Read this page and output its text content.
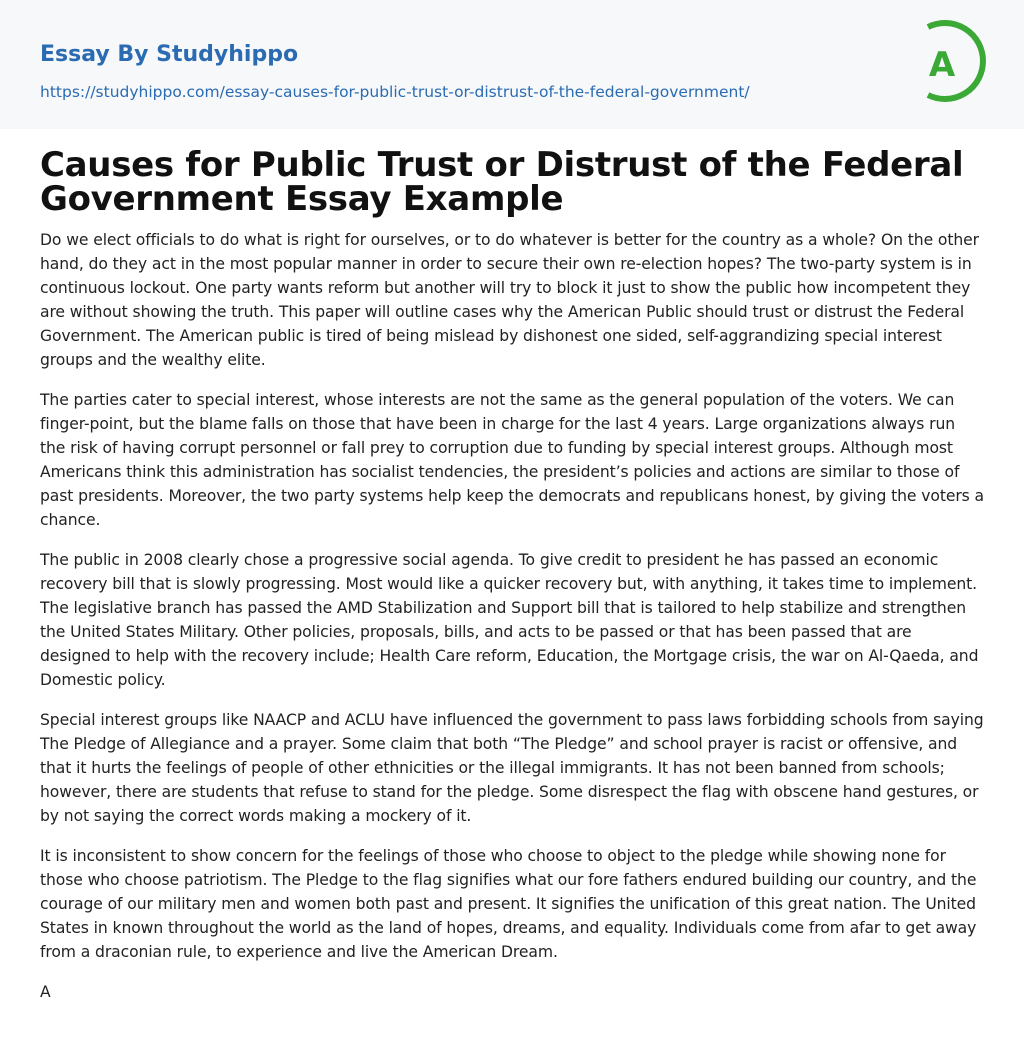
Essay By Studyhippo
https://studyhippo.com/essay-causes-for-public-trust-or-distrust-of-the-federal-government/
A
Causes for Public Trust or Distrust of the Federal Government Essay Example

Do we elect officials to do what is right for ourselves, or to do whatever is better for the country as a whole? On the other hand, do they act in the most popular manner in order to secure their own re-election hopes? The two-party system is in continuous lockout. One party wants reform but another will try to block it just to show the public how incompetent they are without showing the truth. This paper will outline cases why the American Public should trust or distrust the Federal Government. The American public is tired of being mislead by dishonest one sided, self-aggrandizing special interest groups and the wealthy elite.

The parties cater to special interest, whose interests are not the same as the general population of the voters. We can finger-point, but the blame falls on those that have been in charge for the last 4 years. Large organizations always run the risk of having corrupt personnel or fall prey to corruption due to funding by special interest groups. Although most Americans think this administration has socialist tendencies, the president’s policies and actions are similar to those of past presidents. Moreover, the two party systems help keep the democrats and republicans honest, by giving the voters a chance.

The public in 2008 clearly chose a progressive social agenda. To give credit to president he has passed an economic recovery bill that is slowly progressing. Most would like a quicker recovery but, with anything, it takes time to implement. The legislative branch has passed the AMD Stabilization and Support bill that is tailored to help stabilize and strengthen the United States Military. Other policies, proposals, bills, and acts to be passed or that has been passed that are designed to help with the recovery include; Health Care reform, Education, the Mortgage crisis, the war on Al-Qaeda, and Domestic policy.

Special interest groups like NAACP and ACLU have influenced the government to pass laws forbidding schools from saying The Pledge of Allegiance and a prayer. Some claim that both “The Pledge” and school prayer is racist or offensive, and that it hurts the feelings of people of other ethnicities or the illegal immigrants. It has not been banned from schools; however, there are students that refuse to stand for the pledge. Some disrespect the flag with obscene hand gestures, or by not saying the correct words making a mockery of it.

It is inconsistent to show concern for the feelings of those who choose to object to the pledge while showing none for those who choose patriotism. The Pledge to the flag signifies what our fore fathers endured building our country, and the courage of our military men and women both past and present. It signifies the unification of this great nation. The United States in known throughout the world as the land of hopes, dreams, and equality. Individuals come from afar to get away from a draconian rule, to experience and live the American Dream.

A
